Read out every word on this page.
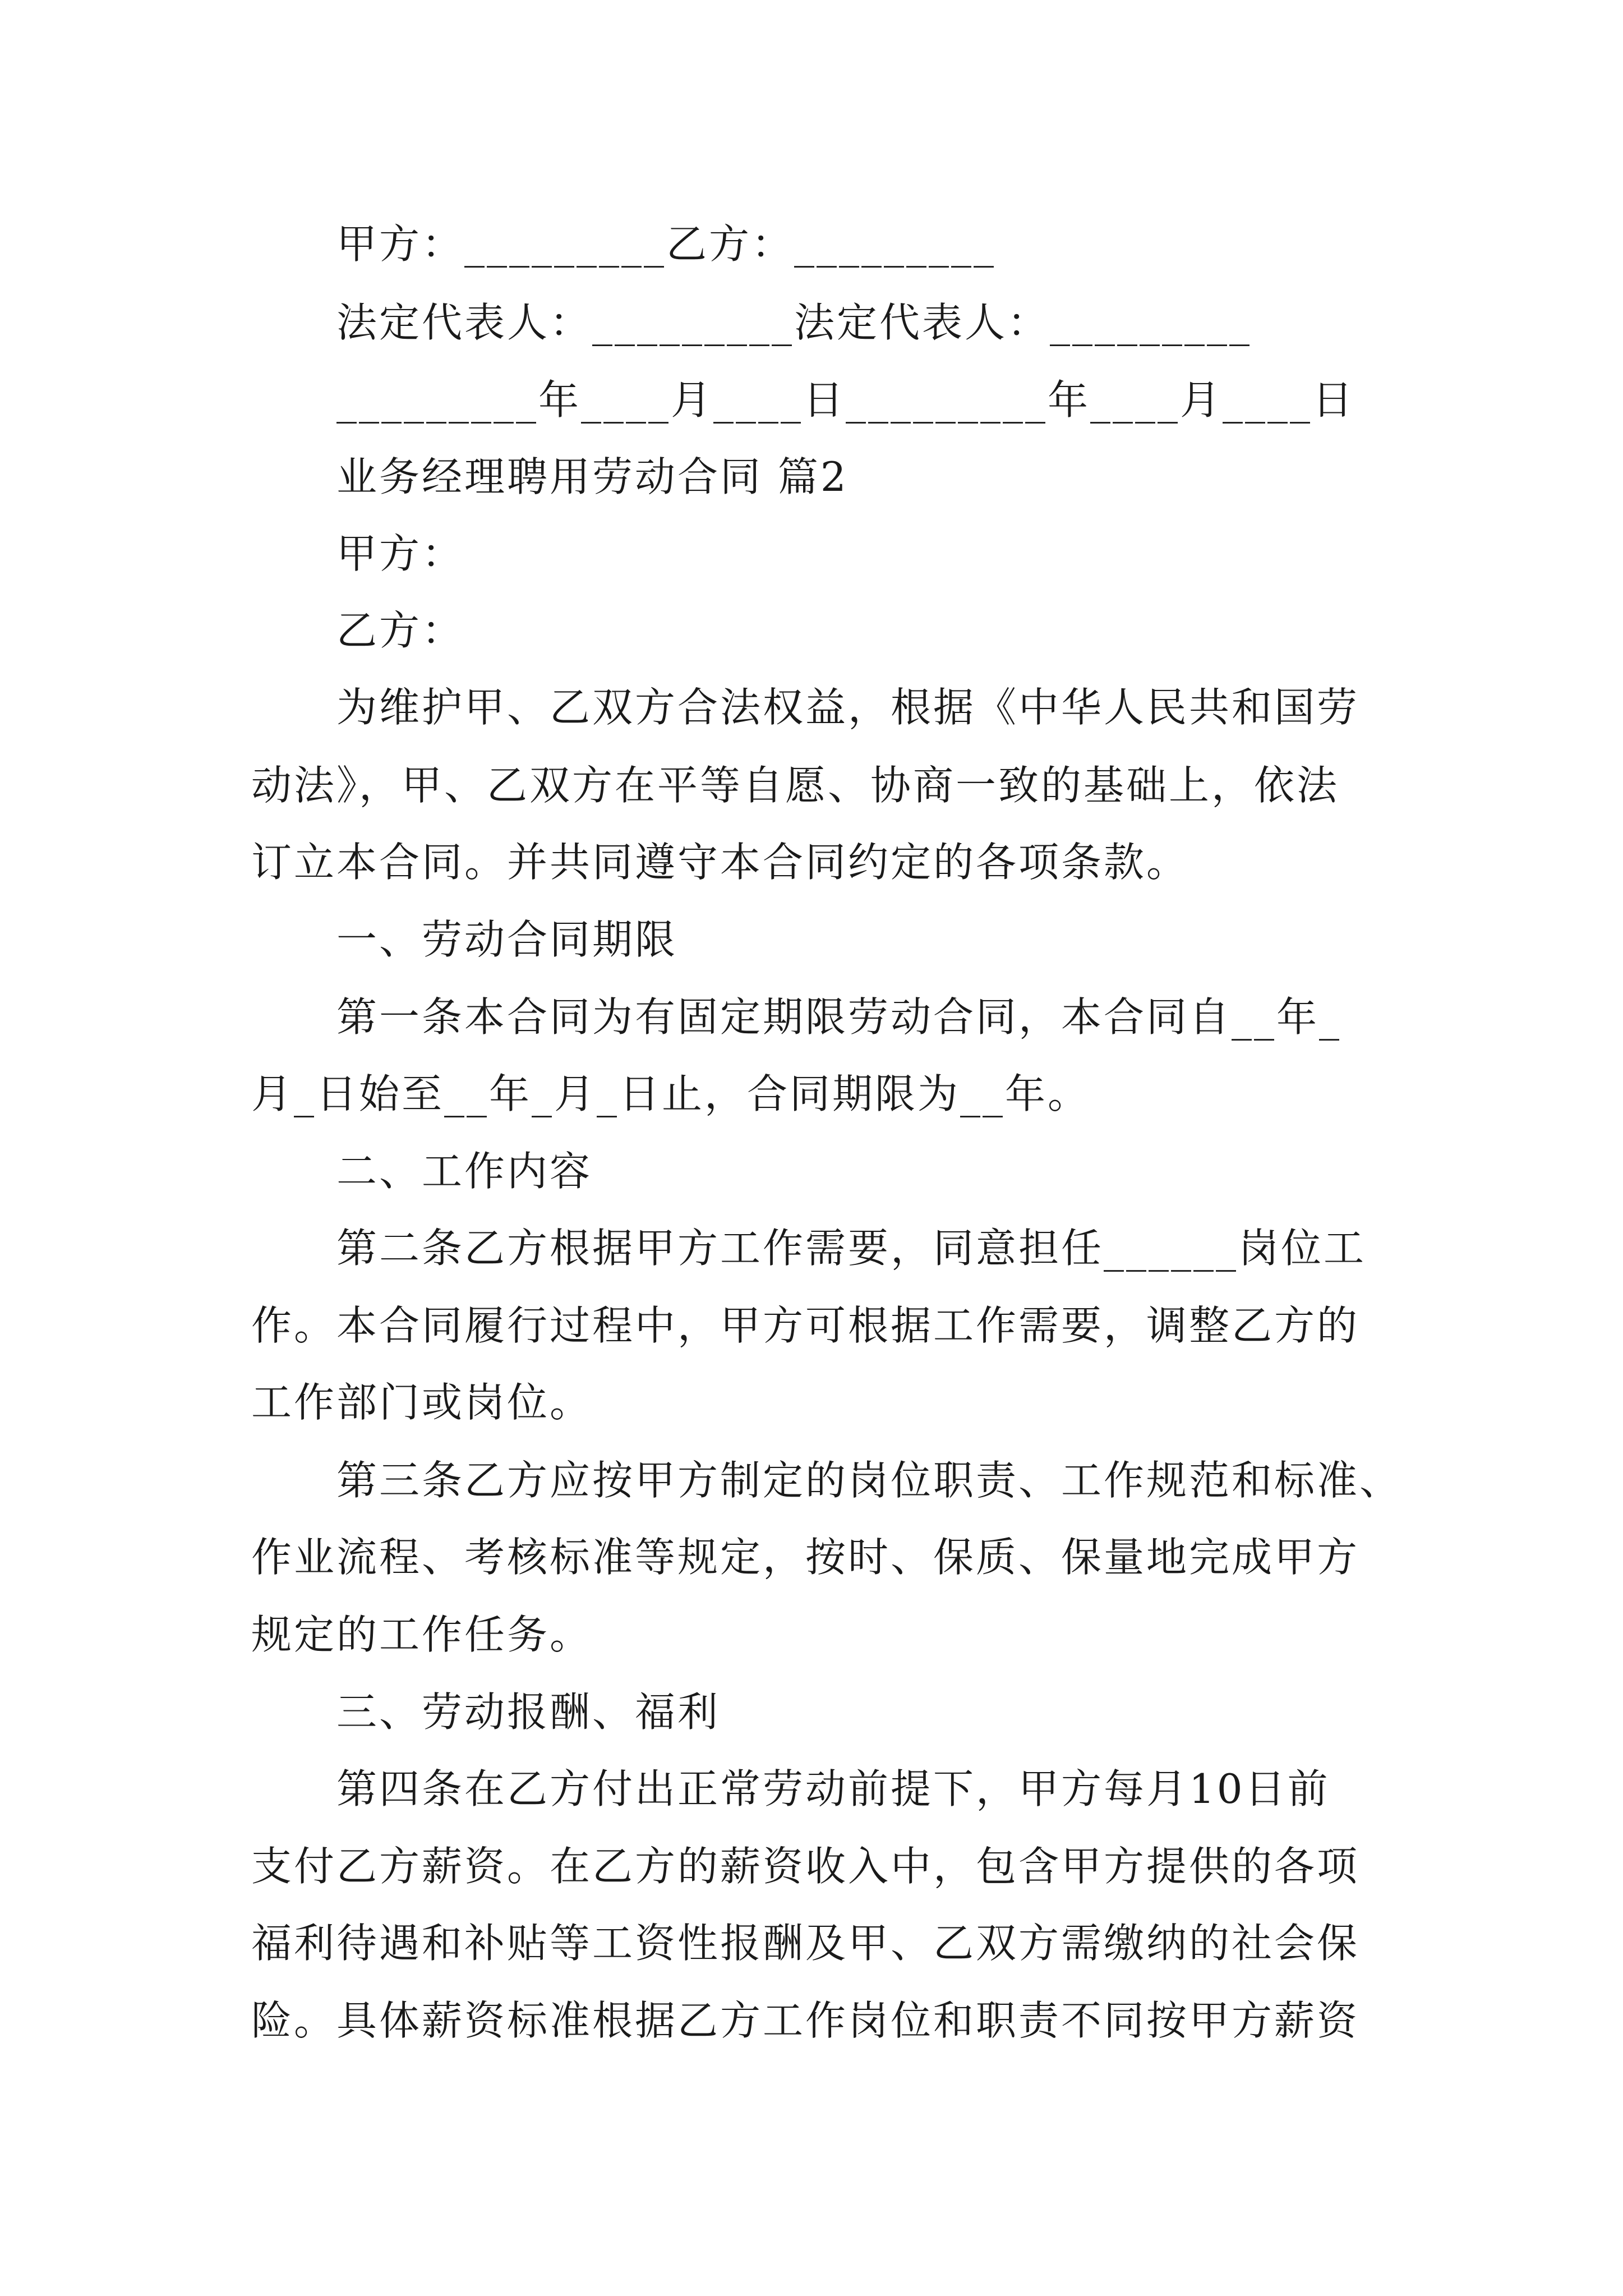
甲方：_________乙方：_________
法定代表人：_________法定代表人：_________
_________年____月____日_________年____月____日
业务经理聘用劳动合同 篇2
甲方：
乙方：
为维护甲、乙双方合法权益，根据《中华人民共和国劳
动法》，甲、乙双方在平等自愿、协商一致的基础上，依法
订立本合同。并共同遵守本合同约定的各项条款。
一、劳动合同期限
第一条本合同为有固定期限劳动合同，本合同自__年_
月_日始至__年_月_日止，合同期限为__年。
二、工作内容
第二条乙方根据甲方工作需要，同意担任______岗位工
作。本合同履行过程中，甲方可根据工作需要，调整乙方的
工作部门或岗位。
第三条乙方应按甲方制定的岗位职责、工作规范和标准、
作业流程、考核标准等规定，按时、保质、保量地完成甲方
规定的工作任务。
三、劳动报酬、福利
第四条在乙方付出正常劳动前提下，甲方每月10日前
支付乙方薪资。在乙方的薪资收入中，包含甲方提供的各项
福利待遇和补贴等工资性报酬及甲、乙双方需缴纳的社会保
险。具体薪资标准根据乙方工作岗位和职责不同按甲方薪资
